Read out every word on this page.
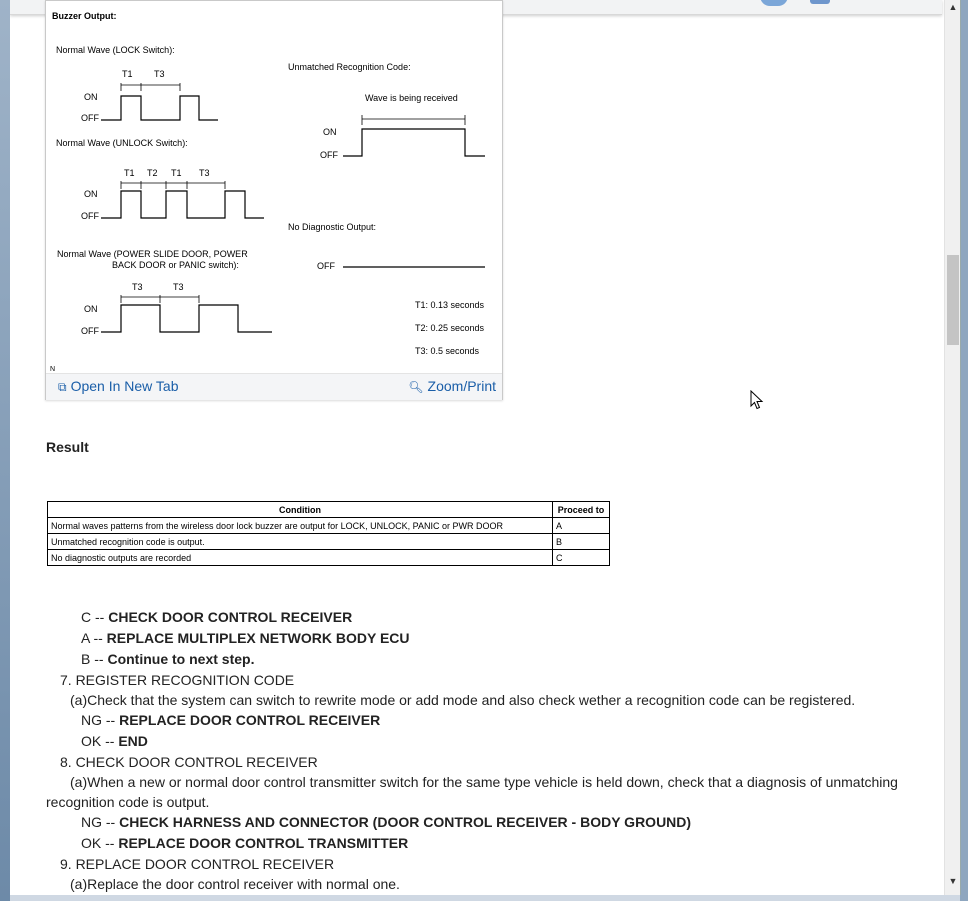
Buzzer Output:
Normal Wave (LOCK Switch):
T1 T3
ON
OFF
Normal Wave (UNLOCK Switch):
T1 T2 T1 T3
ON
OFF
Normal Wave (POWER SLIDE DOOR, POWER
BACK DOOR or PANIC switch):
T3	T3
ON
OFF
Unmatched Recognition Code:
Wave is being received
ON
OFF
No Diagnostic Output:
OFF
T1: 0.13 seconds
T2: 0.25 seconds
T3: 0.5 seconds
N
⧉ Open In New Tab	🔍︎ Zoom/Print
Result
Condition	Proceed to
Normal waves patterns from the wireless door lock buzzer are output for LOCK, UNLOCK, PANIC or PWR DOOR	A
Unmatched recognition code is output.	B
No diagnostic outputs are recorded	C
C -- CHECK DOOR CONTROL RECEIVER
A -- REPLACE MULTIPLEX NETWORK BODY ECU
B -- Continue to next step.
7. REGISTER RECOGNITION CODE
(a)Check that the system can switch to rewrite mode or add mode and also check wether a recognition code can be registered.
NG -- REPLACE DOOR CONTROL RECEIVER
OK -- END
8. CHECK DOOR CONTROL RECEIVER
(a)When a new or normal door control transmitter switch for the same type vehicle is held down, check that a diagnosis of unmatching
recognition code is output.
NG -- CHECK HARNESS AND CONNECTOR (DOOR CONTROL RECEIVER - BODY GROUND)
OK -- REPLACE DOOR CONTROL TRANSMITTER
9. REPLACE DOOR CONTROL RECEIVER
(a)Replace the door control receiver with normal one.
▲
▼
